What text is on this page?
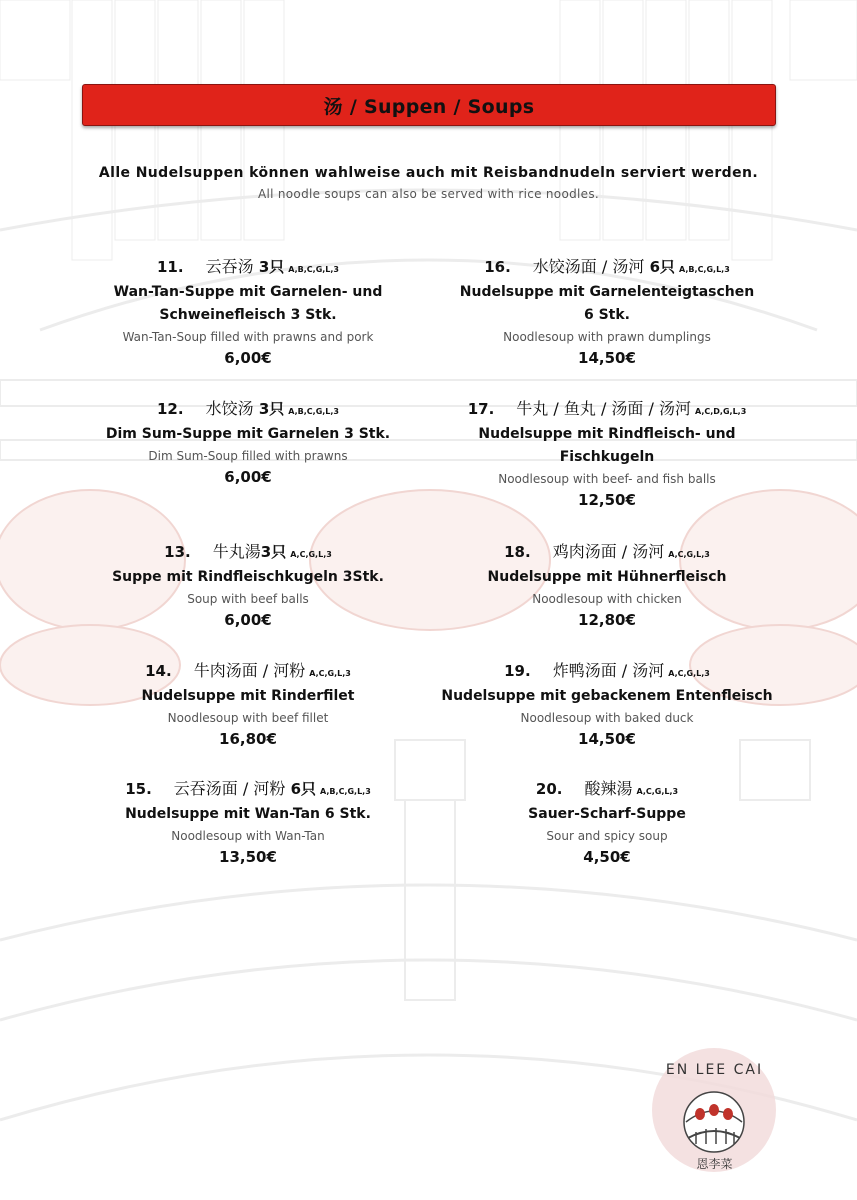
汤 / Suppen / Soups
Alle Nudelsuppen können wahlweise auch mit Reisbandnudeln serviert werden.
All noodle soups can also be served with rice noodles.
11. 云吞汤 3只 A,B,C,G,L,3
Wan-Tan-Suppe mit Garnelen- und
Schweinefleisch 3 Stk.
Wan-Tan-Soup filled with prawns and pork
6,00€
12. 水饺汤 3只 A,B,C,G,L,3
Dim Sum-Suppe mit Garnelen 3 Stk.
Dim Sum-Soup filled with prawns
6,00€
13. 牛丸湯3只 A,C,G,L,3
Suppe mit Rindfleischkugeln 3Stk.
Soup with beef balls
6,00€
14. 牛肉汤面 / 河粉 A,C,G,L,3
Nudelsuppe mit Rinderfilet
Noodlesoup with beef fillet
16,80€
15. 云吞汤面 / 河粉 6只 A,B,C,G,L,3
Nudelsuppe mit Wan-Tan 6 Stk.
Noodlesoup with Wan-Tan
13,50€
16. 水饺汤面 / 汤河 6只 A,B,C,G,L,3
Nudelsuppe mit Garnelenteigtaschen
6 Stk.
Noodlesoup with prawn dumplings
14,50€
17. 牛丸 / 鱼丸 / 汤面 / 汤河 A,C,D,G,L,3
Nudelsuppe mit Rindfleisch- und
Fischkugeln
Noodlesoup with beef- and fish balls
12,50€
18. 鸡肉汤面 / 汤河 A,C,G,L,3
Nudelsuppe mit Hühnerfleisch
Noodlesoup with chicken
12,80€
19. 炸鸭汤面 / 汤河 A,C,G,L,3
Nudelsuppe mit gebackenem Entenfleisch
Noodlesoup with baked duck
14,50€
20. 酸辣湯 A,C,G,L,3
Sauer-Scharf-Suppe
Sour and spicy soup
4,50€
EN LEE CAI
恩李菜
